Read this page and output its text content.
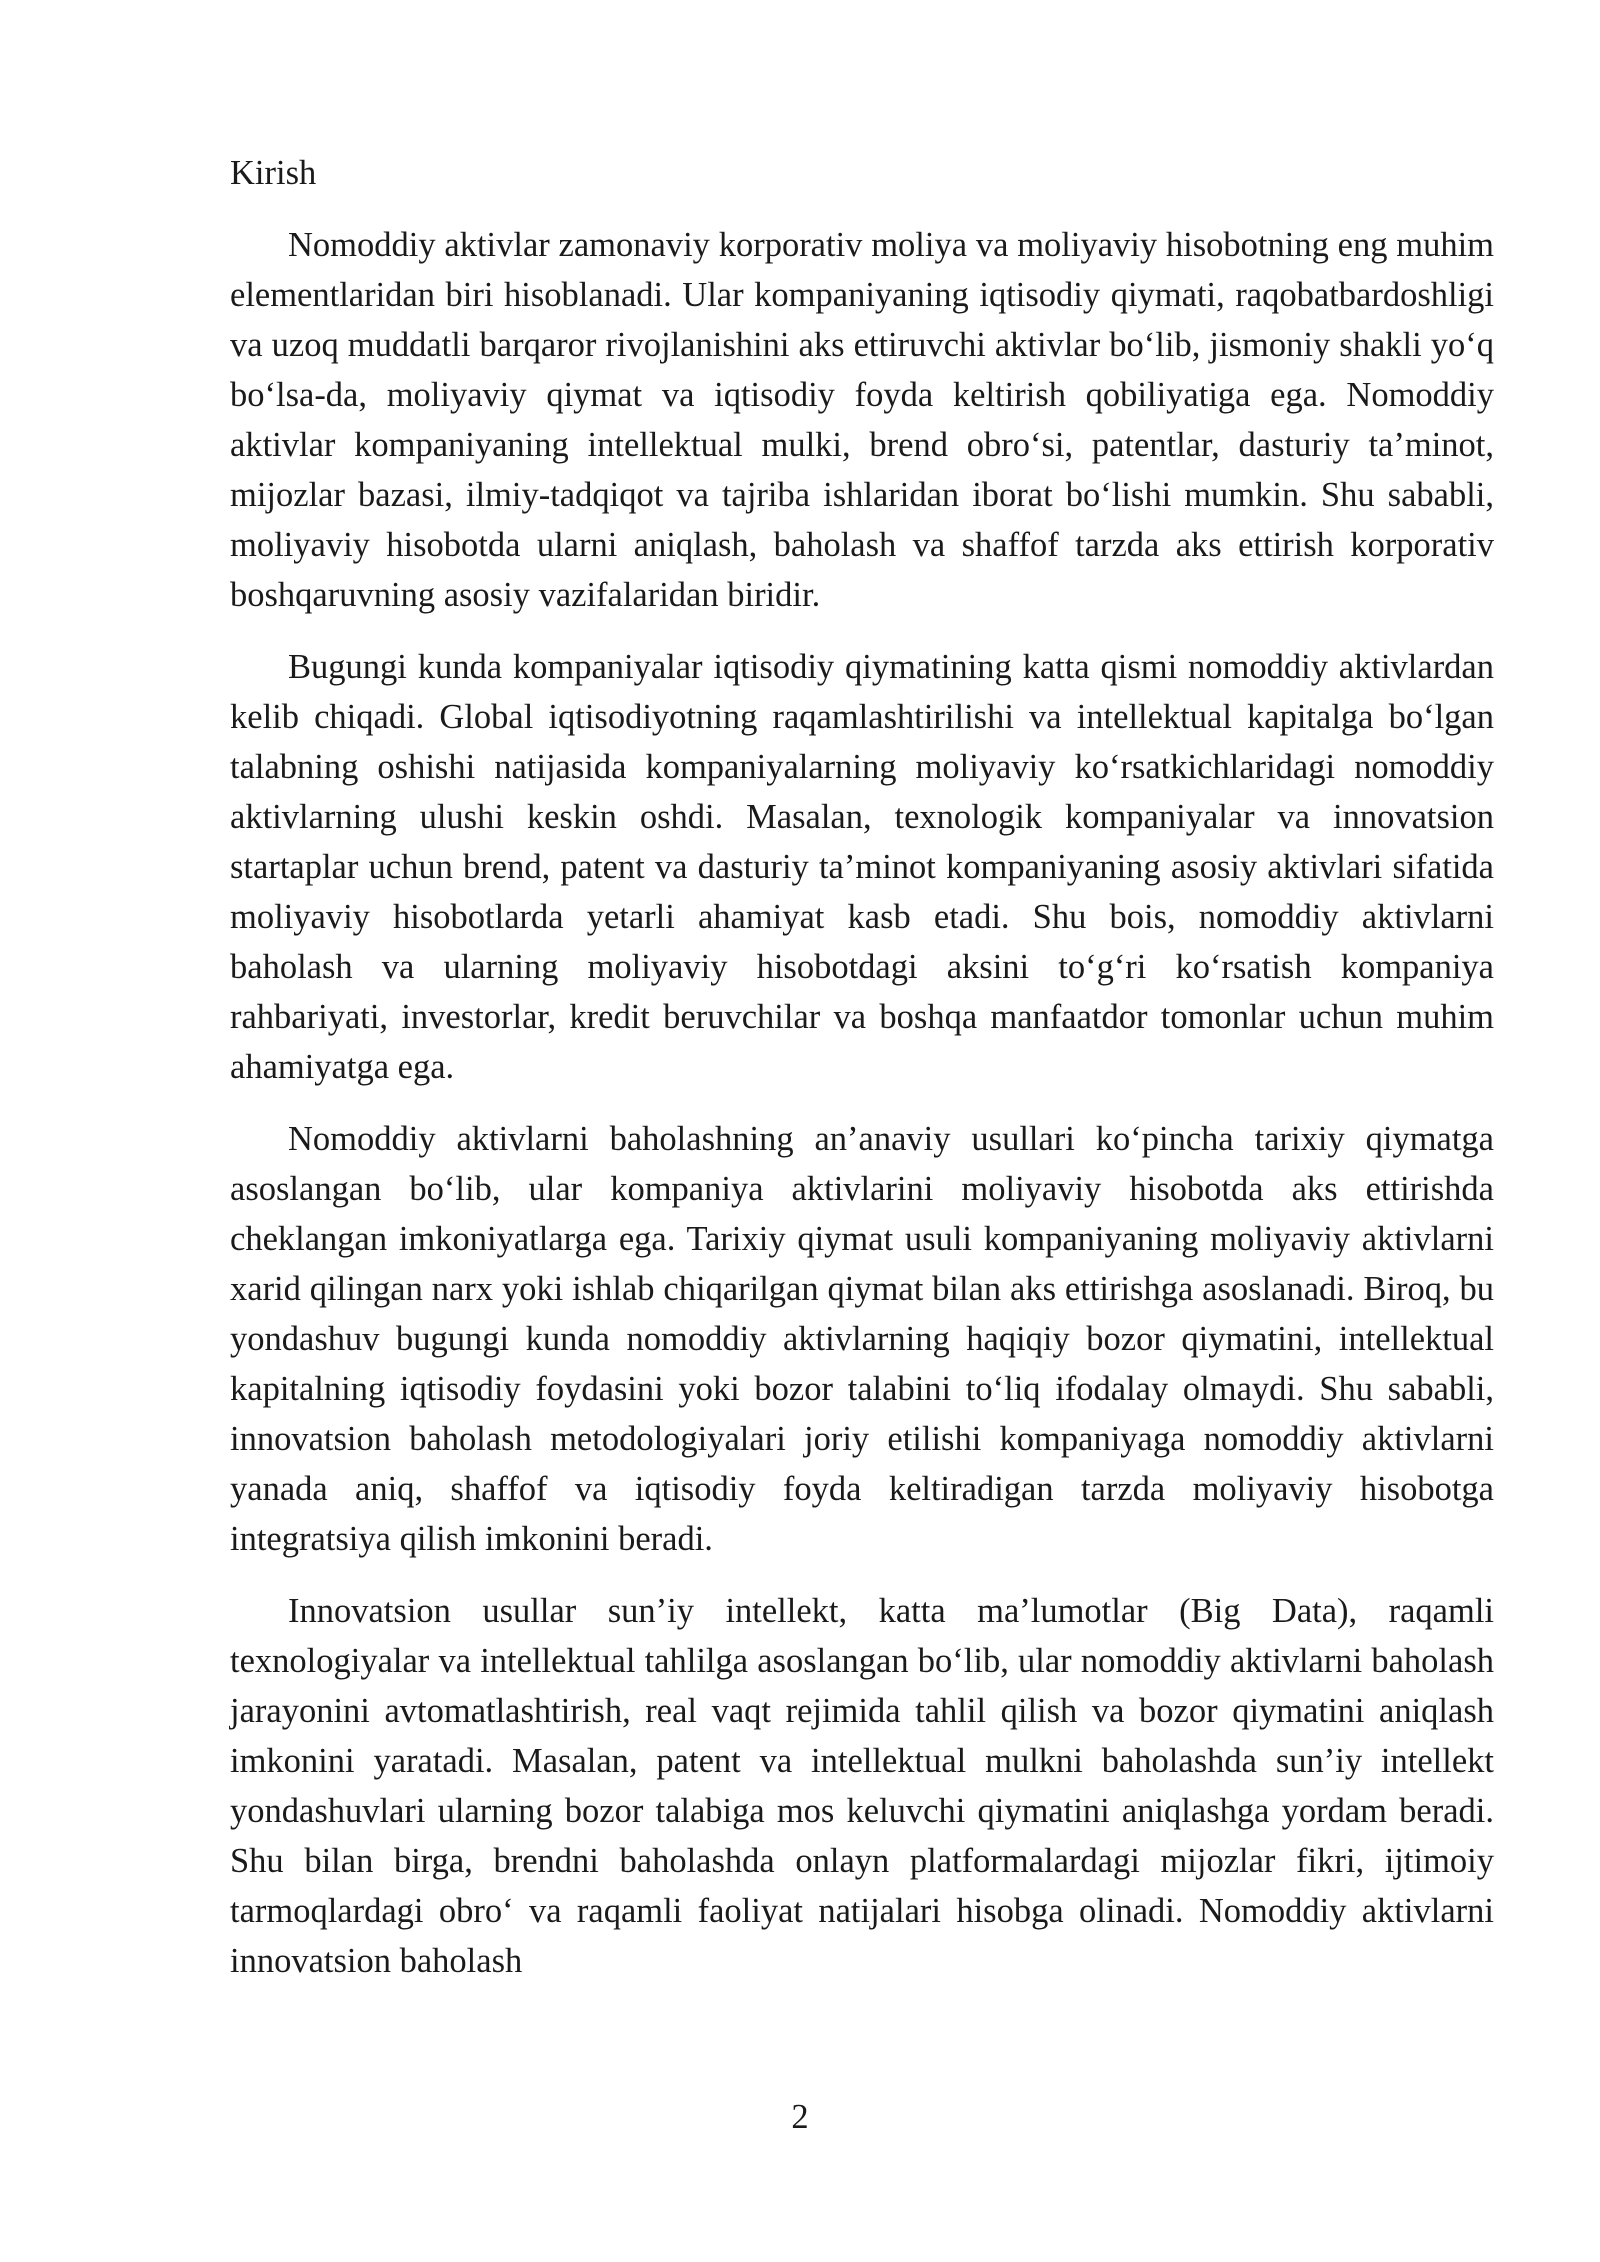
Kirish

Nomoddiy aktivlar zamonaviy korporativ moliya va moliyaviy hisobotning eng muhim elementlaridan biri hisoblanadi. Ular kompaniyaning iqtisodiy qiymati, raqobatbardoshligi va uzoq muddatli barqaror rivojlanishini aks ettiruvchi aktivlar bo‘lib, jismoniy shakli yo‘q bo‘lsa-da, moliyaviy qiymat va iqtisodiy foyda keltirish qobiliyatiga ega. Nomoddiy aktivlar kompaniyaning intellektual mulki, brend obro‘si, patentlar, dasturiy ta’minot, mijozlar bazasi, ilmiy-tadqiqot va tajriba ishlaridan iborat bo‘lishi mumkin. Shu sababli, moliyaviy hisobotda ularni aniqlash, baholash va shaffof tarzda aks ettirish korporativ boshqaruvning asosiy vazifalaridan biridir.

Bugungi kunda kompaniyalar iqtisodiy qiymatining katta qismi nomoddiy aktivlardan kelib chiqadi. Global iqtisodiyotning raqamlashtirilishi va intellektual kapitalga bo‘lgan talabning oshishi natijasida kompaniyalarning moliyaviy ko‘rsatkichlaridagi nomoddiy aktivlarning ulushi keskin oshdi. Masalan, texnologik kompaniyalar va innovatsion startaplar uchun brend, patent va dasturiy ta’minot kompaniyaning asosiy aktivlari sifatida moliyaviy hisobotlarda yetarli ahamiyat kasb etadi. Shu bois, nomoddiy aktivlarni baholash va ularning moliyaviy hisobotdagi aksini to‘g‘ri ko‘rsatish kompaniya rahbariyati, investorlar, kredit beruvchilar va boshqa manfaatdor tomonlar uchun muhim ahamiyatga ega.

Nomoddiy aktivlarni baholashning an’anaviy usullari ko‘pincha tarixiy qiymatga asoslangan bo‘lib, ular kompaniya aktivlarini moliyaviy hisobotda aks ettirishda cheklangan imkoniyatlarga ega. Tarixiy qiymat usuli kompaniyaning moliyaviy aktivlarni xarid qilingan narx yoki ishlab chiqarilgan qiymat bilan aks ettirishga asoslanadi. Biroq, bu yondashuv bugungi kunda nomoddiy aktivlarning haqiqiy bozor qiymatini, intellektual kapitalning iqtisodiy foydasini yoki bozor talabini to‘liq ifodalay olmaydi. Shu sababli, innovatsion baholash metodologiyalari joriy etilishi kompaniyaga nomoddiy aktivlarni yanada aniq, shaffof va iqtisodiy foyda keltiradigan tarzda moliyaviy hisobotga integratsiya qilish imkonini beradi.

Innovatsion usullar sun’iy intellekt, katta ma’lumotlar (Big Data), raqamli texnologiyalar va intellektual tahlilga asoslangan bo‘lib, ular nomoddiy aktivlarni baholash jarayonini avtomatlashtirish, real vaqt rejimida tahlil qilish va bozor qiymatini aniqlash imkonini yaratadi. Masalan, patent va intellektual mulkni baholashda sun’iy intellekt yondashuvlari ularning bozor talabiga mos keluvchi qiymatini aniqlashga yordam beradi. Shu bilan birga, brendni baholashda onlayn platformalardagi mijozlar fikri, ijtimoiy tarmoqlardagi obro‘ va raqamli faoliyat natijalari hisobga olinadi. Nomoddiy aktivlarni innovatsion baholash

2
